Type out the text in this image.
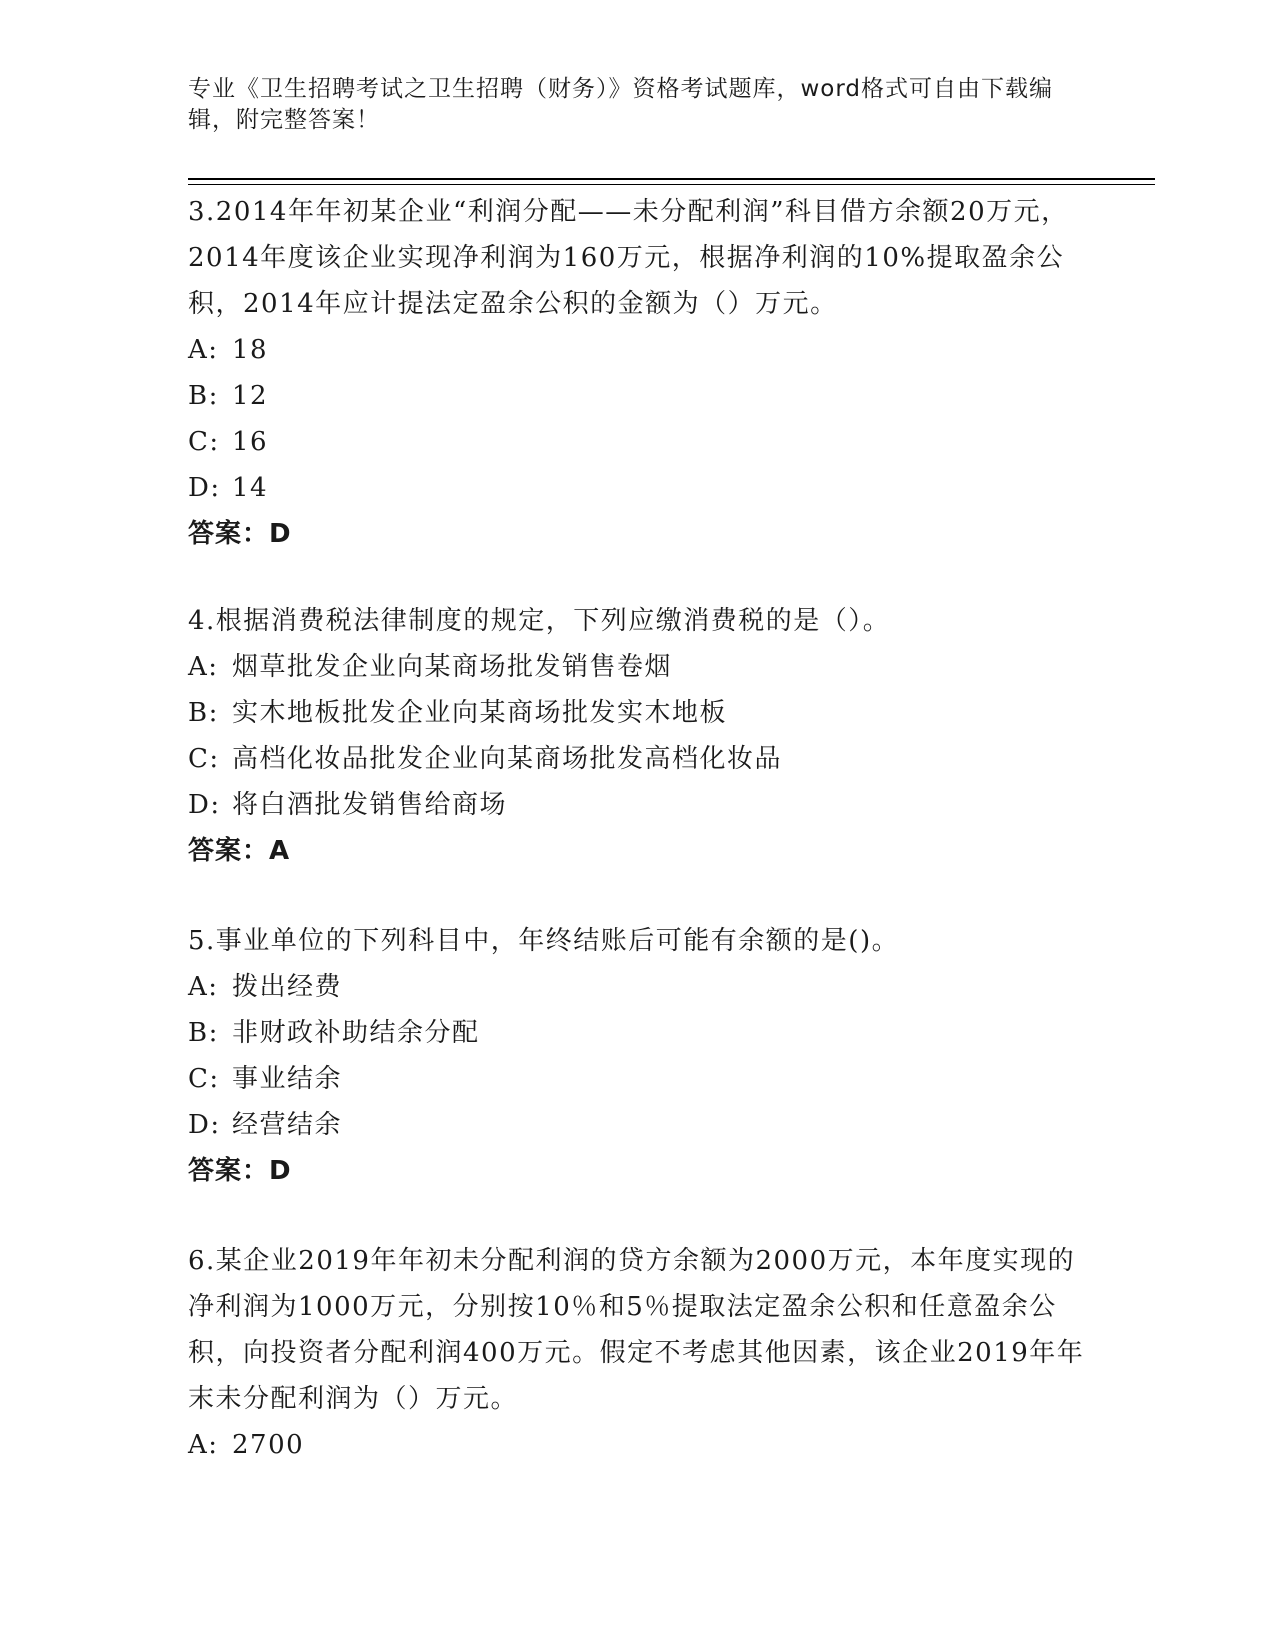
专业《卫生招聘考试之卫生招聘（财务）》资格考试题库，word格式可自由下载编辑，附完整答案！
3.2014年年初某企业“利润分配——未分配利润”科目借方余额20万元，2014年度该企业实现净利润为160万元，根据净利润的10%提取盈余公积，2014年应计提法定盈余公积的金额为（）万元。
A: 18
B: 12
C: 16
D: 14
答案：D
4.根据消费税法律制度的规定，下列应缴消费税的是（）。
A: 烟草批发企业向某商场批发销售卷烟
B: 实木地板批发企业向某商场批发实木地板
C: 高档化妆品批发企业向某商场批发高档化妆品
D: 将白酒批发销售给商场
答案：A
5.事业单位的下列科目中，年终结账后可能有余额的是()。
A: 拨出经费
B: 非财政补助结余分配
C: 事业结余
D: 经营结余
答案：D
6.某企业2019年年初未分配利润的贷方余额为2000万元，本年度实现的净利润为1000万元，分别按10％和5％提取法定盈余公积和任意盈余公积，向投资者分配利润400万元。假定不考虑其他因素，该企业2019年年末未分配利润为（）万元。
A: 2700
